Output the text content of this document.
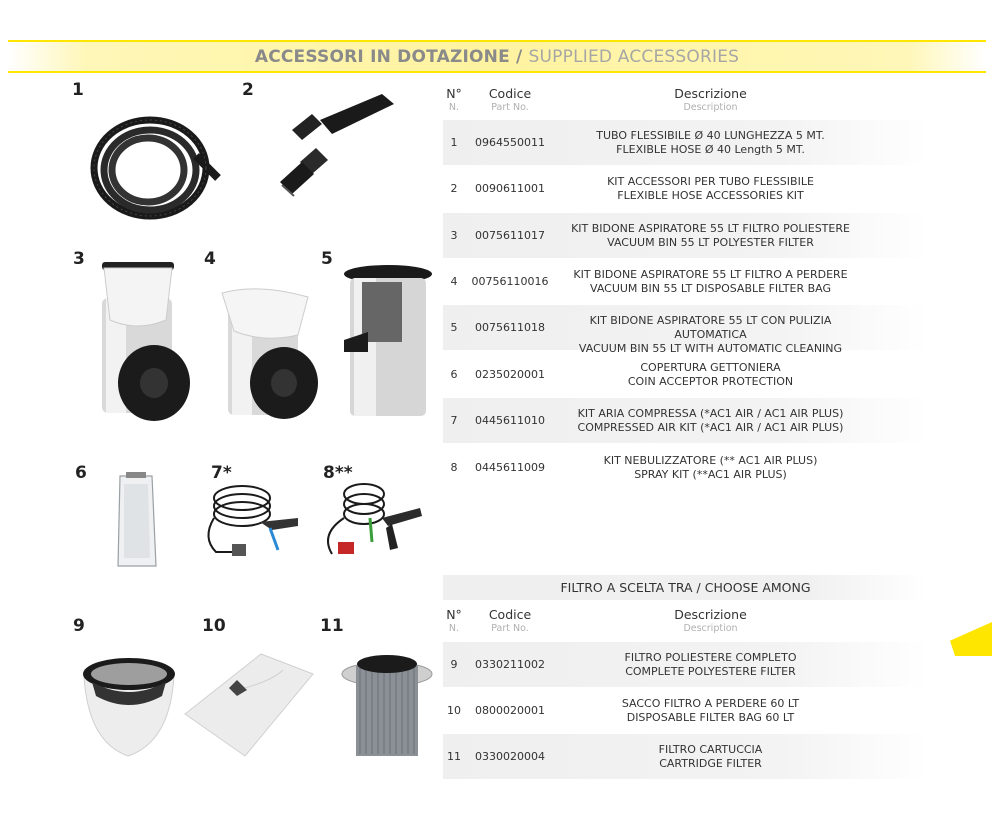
ACCESSORI IN DOTAZIONE / SUPPLIED ACCESSORIES
1	2
3	4	5
6	7*	8**
9	10	11
N°
N.
Codice
Part No.
Descrizione
Description
1	0964550011
TUBO FLESSIBILE Ø 40 LUNGHEZZA 5 MT.
FLEXIBLE HOSE Ø 40 Length 5 MT.
2	0090611001
KIT ACCESSORI PER TUBO FLESSIBILE
FLEXIBLE HOSE ACCESSORIES KIT
3	0075611017
KIT BIDONE ASPIRATORE 55 LT FILTRO POLIESTERE
VACUUM BIN 55 LT POLYESTER FILTER
4	00756110016
KIT BIDONE ASPIRATORE 55 LT FILTRO A PERDERE
VACUUM BIN 55 LT DISPOSABLE FILTER BAG
5	0075611018
KIT BIDONE ASPIRATORE 55 LT CON PULIZIA AUTOMATICA
VACUUM BIN 55 LT WITH AUTOMATIC CLEANING
6	0235020001
COPERTURA GETTONIERA
COIN ACCEPTOR PROTECTION
7	0445611010
KIT ARIA COMPRESSA (*AC1 AIR / AC1 AIR PLUS)
COMPRESSED AIR KIT (*AC1 AIR / AC1 AIR PLUS)
8	0445611009
KIT NEBULIZZATORE (** AC1 AIR PLUS)
SPRAY KIT (**AC1 AIR PLUS)
FILTRO A SCELTA TRA / CHOOSE AMONG
N°
N.
Codice
Part No.
Descrizione
Description
9	0330211002
FILTRO POLIESTERE COMPLETO
COMPLETE POLYESTERE FILTER
10	0800020001
SACCO FILTRO A PERDERE 60 LT
DISPOSABLE FILTER BAG 60 LT
11	0330020004
FILTRO CARTUCCIA
CARTRIDGE FILTER
